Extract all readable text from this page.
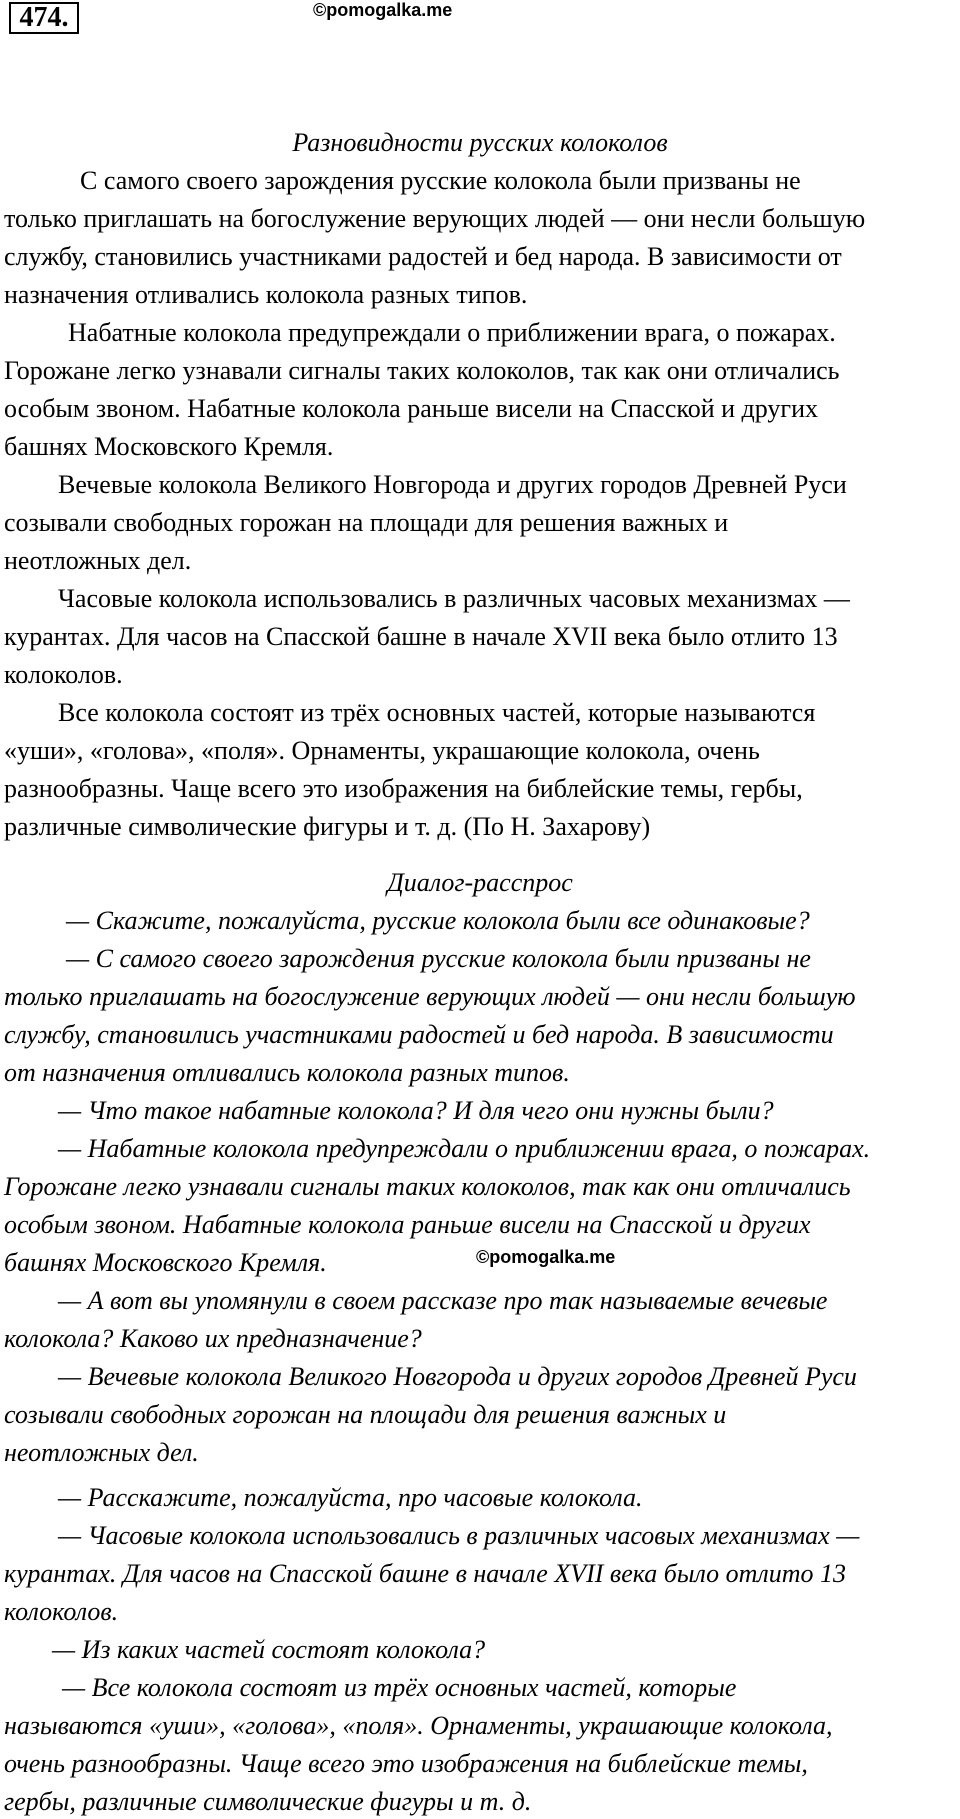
474.	©pomogalka.me
©pomogalka.me
Разновидности русских колоколов
С самого своего зарождения русские колокола были призваны не
только приглашать на богослужение верующих людей — они несли большую
службу, становились участниками радостей и бед народа. В зависимости от
назначения отливались колокола разных типов.
Набатные колокола предупреждали о приближении врага, о пожарах.
Горожане легко узнавали сигналы таких колоколов, так как они отличались
особым звоном. Набатные колокола раньше висели на Спасской и других
башнях Московского Кремля.
Вечевые колокола Великого Новгорода и других городов Древней Руси
созывали свободных горожан на площади для решения важных и
неотложных дел.
Часовые колокола использовались в различных часовых механизмах —
курантах. Для часов на Спасской башне в начале XVII века было отлито 13
колоколов.
Все колокола состоят из трёх основных частей, которые называются
«уши», «голова», «поля». Орнаменты, украшающие колокола, очень
разнообразны. Чаще всего это изображения на библейские темы, гербы,
различные символические фигуры и т. д. (По Н. Захарову)
Диалог-расспрос
— Скажите, пожалуйста, русские колокола были все одинаковые?
— С самого своего зарождения русские колокола были призваны не
только приглашать на богослужение верующих людей — они несли большую
службу, становились участниками радостей и бед народа. В зависимости
от назначения отливались колокола разных типов.
— Что такое набатные колокола? И для чего они нужны были?
— Набатные колокола предупреждали о приближении врага, о пожарах.
Горожане легко узнавали сигналы таких колоколов, так как они отличались
особым звоном. Набатные колокола раньше висели на Спасской и других
башнях Московского Кремля.
— А вот вы упомянули в своем рассказе про так называемые вечевые
колокола? Каково их предназначение?
— Вечевые колокола Великого Новгорода и других городов Древней Руси
созывали свободных горожан на площади для решения важных и
неотложных дел.
— Расскажите, пожалуйста, про часовые колокола.
— Часовые колокола использовались в различных часовых механизмах —
курантах. Для часов на Спасской башне в начале XVII века было отлито 13
колоколов.
— Из каких частей состоят колокола?
— Все колокола состоят из трёх основных частей, которые
называются «уши», «голова», «поля». Орнаменты, украшающие колокола,
очень разнообразны. Чаще всего это изображения на библейские темы,
гербы, различные символические фигуры и т. д.
